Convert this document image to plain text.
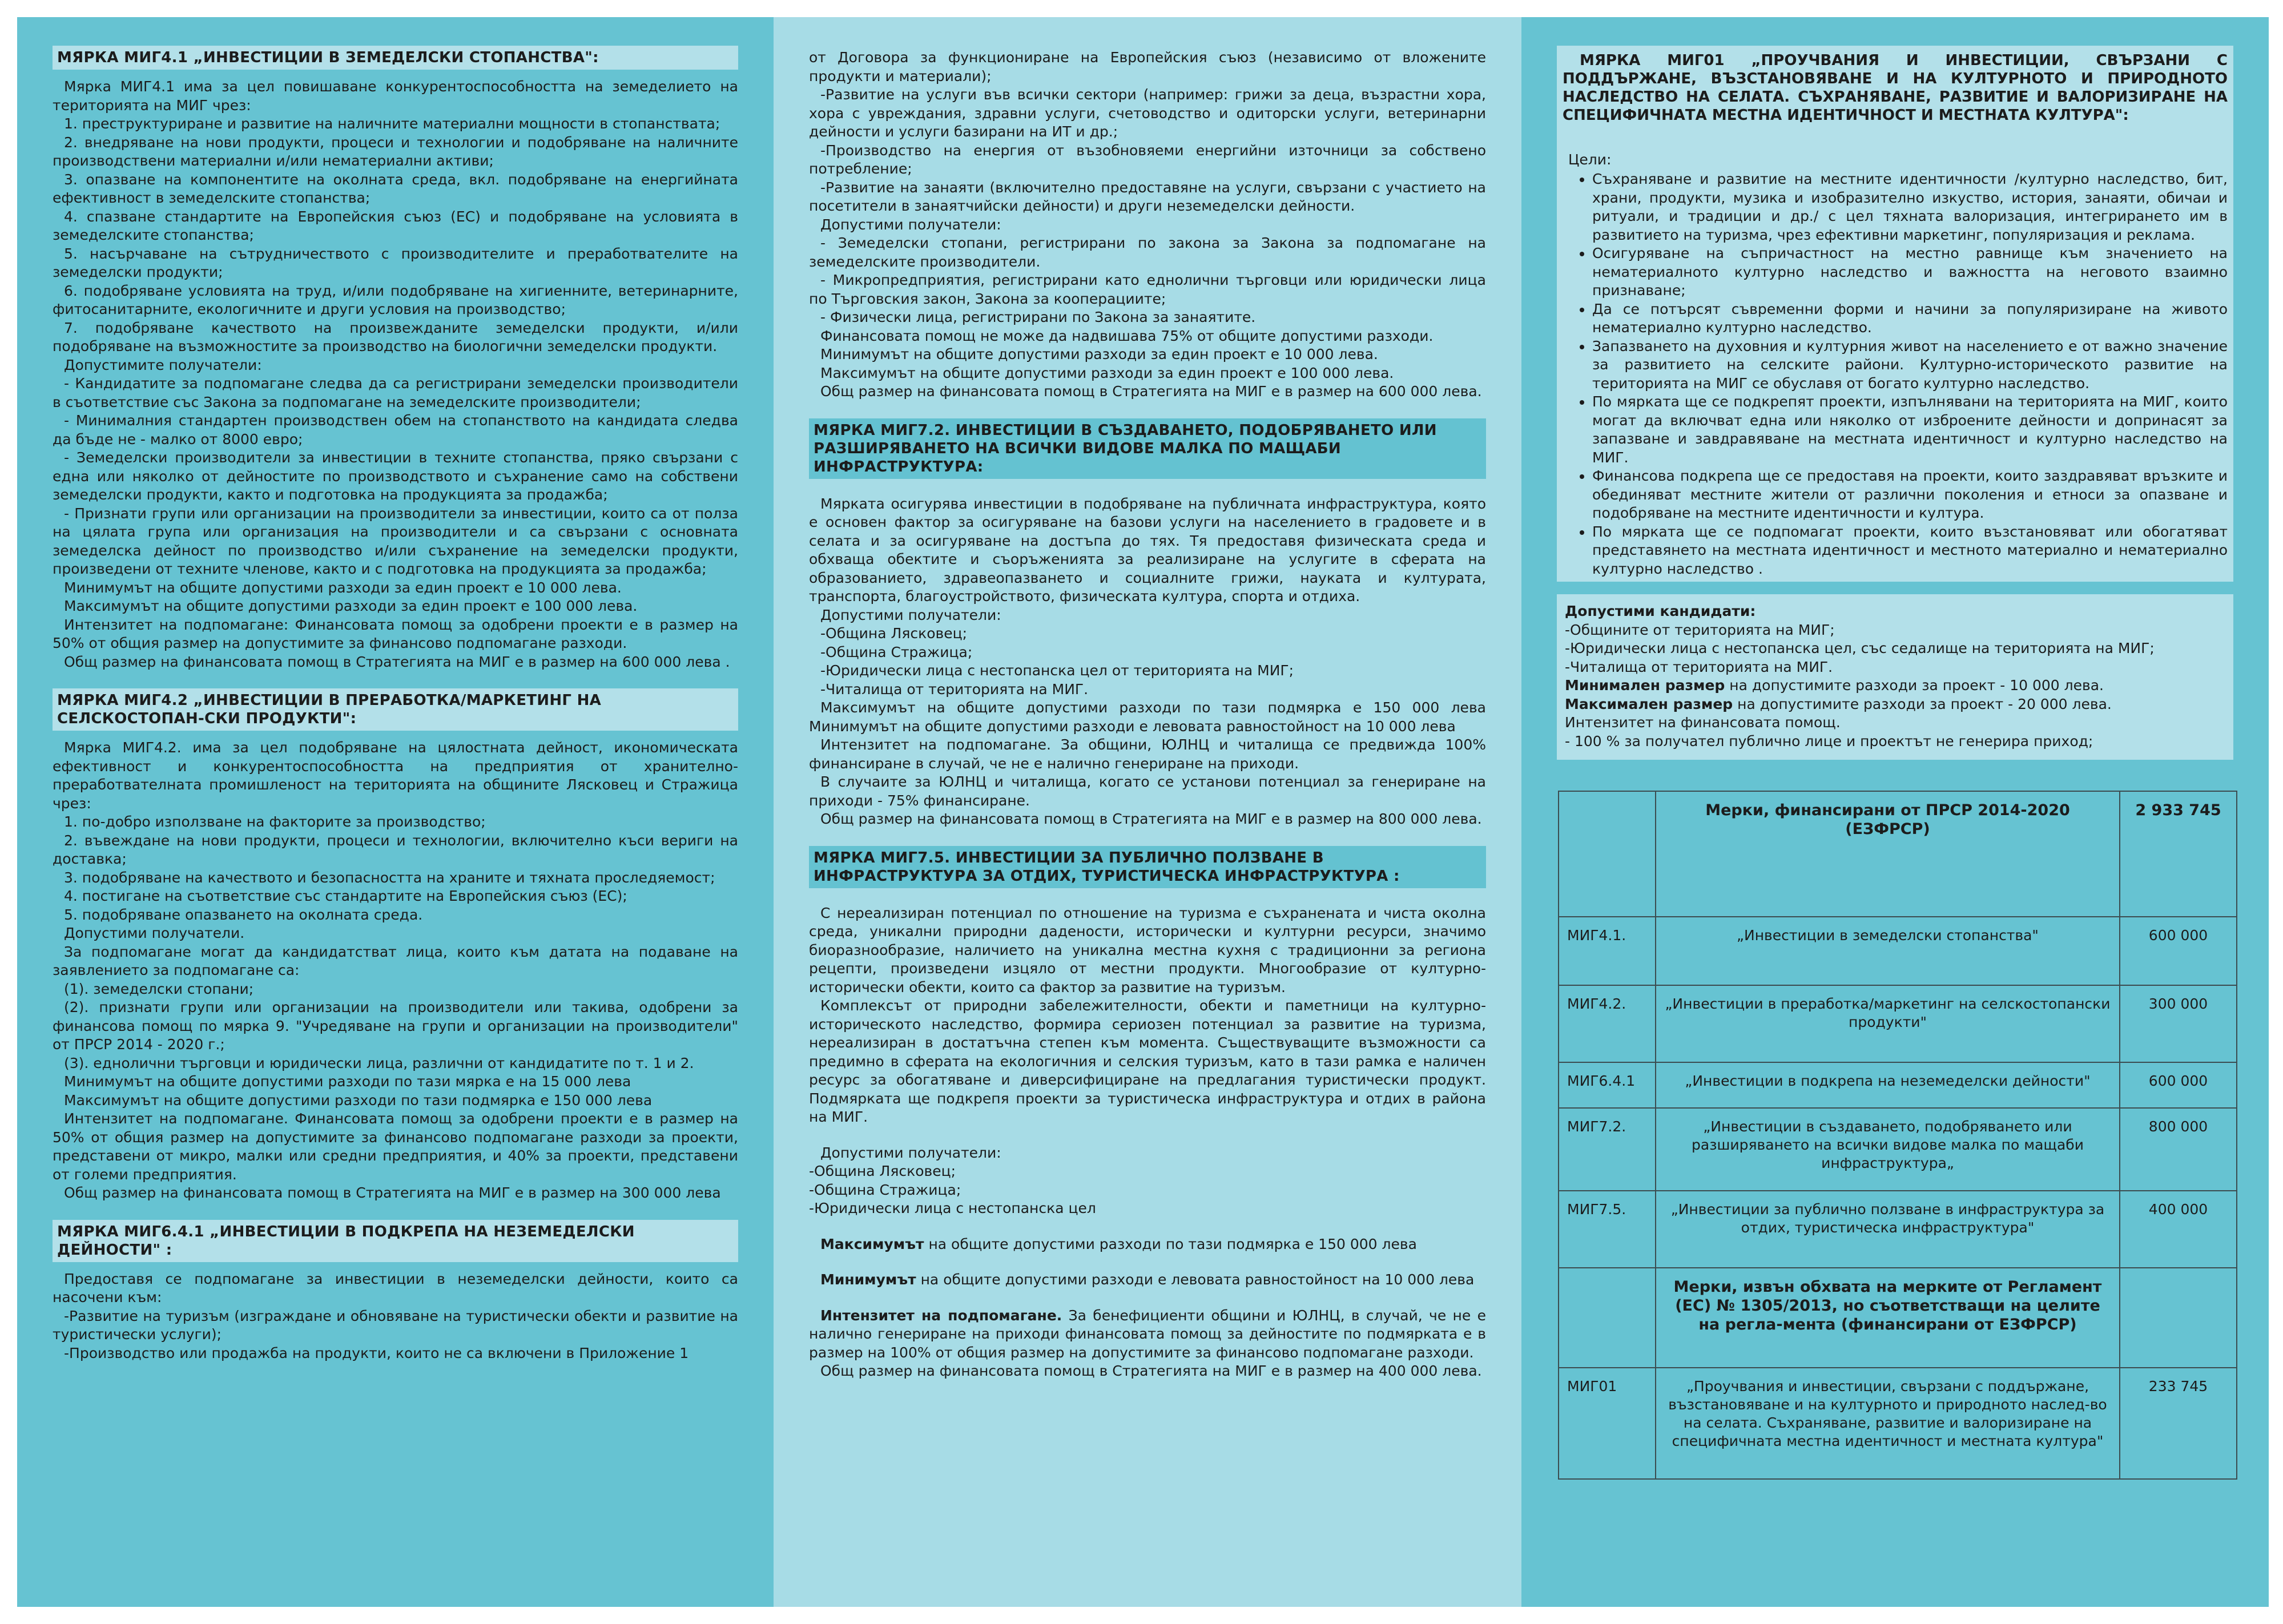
МЯРКА МИГ4.1 „ИНВЕСТИЦИИ В ЗЕМЕДЕЛСКИ СТОПАНСТВА":

Мярка МИГ4.1 има за цел повишаване конкурентоспособността на земеделието на територията на МИГ чрез:

1. преструктуриране и развитие на наличните материални мощности в стопанствата;

2. внедряване на нови продукти, процеси и технологии и подобряване на наличните производствени материални и/или нематериални активи;

3. опазване на компонентите на околната среда, вкл. подобряване на енергийната ефективност в земеделските стопанства;

4. спазване стандартите на Европейския съюз (ЕС) и подобряване на условията в земеделските стопанства;

5. насърчаване на сътрудничеството с производителите и преработвателите на земеделски продукти;

6. подобряване условията на труд, и/или подобряване на хигиенните, ветеринарните, фитосанитарните, екологичните и други условия на производство;

7. подобряване качеството на произвежданите земеделски продукти, и/или подобряване на възможностите за производство на биологични земеделски продукти.

Допустимите получатели:

- Кандидатите за подпомагане следва да са регистрирани земеделски производители в съответствие със Закона за подпомагане на земеделските производители;

- Минималния стандартен производствен обем на стопанството на кандидата следва да бъде не - малко от 8000 евро;

- Земеделски производители за инвестиции в техните стопанства, пряко свързани с една или няколко от дейностите по производството и съхранение само на собствени земеделски продукти, както и подготовка на продукцията за продажба;

- Признати групи или организации на производители за инвестиции, които са от полза на цялата група или организация на производители и са свързани с основната земеделска дейност по производство и/или съхранение на земеделски продукти, произведени от техните членове, както и с подготовка на продукцията за продажба;

Минимумът на общите допустими разходи за един проект е 10 000 лева.

Максимумът на общите допустими разходи за един проект е 100 000 лева.

Интензитет на подпомагане: Финансовата помощ за одобрени проекти е в размер на 50% от общия размер на допустимите за финансово подпомагане разходи.

Общ размер на финансовата помощ в Стратегията на МИГ е в размер на 600 000 лева .

МЯРКА МИГ4.2 „ИНВЕСТИЦИИ В ПРЕРАБОТКА/МАРКЕТИНГ НА СЕЛСКОСТОПАН-СКИ ПРОДУКТИ":

Мярка МИГ4.2. има за цел подобряване на цялостната дейност, икономическата ефективност и конкурентоспособността на предприятия от хранително-преработвателната промишленост на територията на общините Лясковец и Стражица чрез:

1. по-добро използване на факторите за производство;

2. въвеждане на нови продукти, процеси и технологии, включително къси вериги на доставка;

3. подобряване на качеството и безопасността на храните и тяхната проследяемост;

4. постигане на съответствие със стандартите на Европейския съюз (ЕС);

5. подобряване опазването на околната среда.

Допустими получатели.

За подпомагане могат да кандидатстват лица, които към датата на подаване на заявлението за подпомагане са:

(1). земеделски стопани;

(2). признати групи или организации на производители или такива, одобрени за финансова помощ по мярка 9. "Учредяване на групи и организации на производители" от ПРСР 2014 - 2020 г.;

(3). еднолични търговци и юридически лица, различни от кандидатите по т. 1 и 2.

Минимумът на общите допустими разходи по тази мярка е на 15 000 лева

Максимумът на общите допустими разходи по тази подмярка е 150 000 лева

Интензитет на подпомагане. Финансовата помощ за одобрени проекти е в размер на 50% от общия размер на допустимите за финансово подпомагане разходи за проекти, представени от микро, малки или средни предприятия, и 40% за проекти, представени от големи предприятия.

Общ размер на финансовата помощ в Стратегията на МИГ е в размер на 300 000 лева

МЯРКА МИГ6.4.1 „ИНВЕСТИЦИИ В ПОДКРЕПА НА НЕЗЕМЕДЕЛСКИ ДЕЙНОСТИ" :

Предоставя се подпомагане за инвестиции в неземеделски дейности, които са насочени към:

-Развитие на туризъм (изграждане и обновяване на туристически обекти и развитие на туристически услуги);

-Производство или продажба на продукти, които не са включени в Приложение 1

от Договора за функциониране на Европейския съюз (независимо от вложените продукти и материали);

-Развитие на услуги във всички сектори (например: грижи за деца, възрастни хора, хора с увреждания, здравни услуги, счетоводство и одиторски услуги, ветеринарни дейности и услуги базирани на ИТ и др.;

-Производство на енергия от възобновяеми енергийни източници за собствено потребление;

-Развитие на занаяти (включително предоставяне на услуги, свързани с участието на посетители в занаятчийски дейности) и други неземеделски дейности.

Допустими получатели:

- Земеделски стопани, регистрирани по закона за Закона за подпомагане на земеделските производители.

- Микропредприятия, регистрирани като еднолични търговци или юридически лица по Търговския закон, Закона за кооперациите;

- Физически лица, регистрирани по Закона за занаятите.

Финансовата помощ не може да надвишава 75% от общите допустими разходи.

Минимумът на общите допустими разходи за един проект е 10 000 лева.

Максимумът на общите допустими разходи за един проект е 100 000 лева.

Общ размер на финансовата помощ в Стратегията на МИГ е в размер на 600 000 лева.

МЯРКА МИГ7.2. ИНВЕСТИЦИИ В СЪЗДАВАНЕТО, ПОДОБРЯВАНЕТО ИЛИ РАЗШИРЯВАНЕТО НА ВСИЧКИ ВИДОВЕ МАЛКА ПО МАЩАБИ ИНФРАСТРУКТУРА:

Мярката осигурява инвестиции в подобряване на публичната инфраструктура, която е основен фактор за осигуряване на базови услуги на населението в градовете и в селата и за осигуряване на достъпа до тях. Тя предоставя физическата среда и обхваща обектите и съоръженията за реализиране на услугите в сферата на образованието, здравеопазването и социалните грижи, науката и културата, транспорта, благоустройството, физическата култура, спорта и отдиха.

Допустими получатели:

-Община Лясковец;

-Община Стражица;

-Юридически лица с нестопанска цел от територията на МИГ;

-Читалища от територията на МИГ.

Максимумът на общите допустими разходи по тази подмярка е 150 000 лева Минимумът на общите допустими разходи е левовата равностойност на 10 000 лева

Интензитет на подпомагане. За общини, ЮЛНЦ и читалища се предвижда 100% финансиране в случай, че не е налично генериране на приходи.

В случаите за ЮЛНЦ и читалища, когато се установи потенциал за генериране на приходи - 75% финансиране.

Общ размер на финансовата помощ в Стратегията на МИГ е в размер на 800 000 лева.

МЯРКА МИГ7.5. ИНВЕСТИЦИИ ЗА ПУБЛИЧНО ПОЛЗВАНЕ В ИНФРАСТРУКТУРА ЗА ОТДИХ, ТУРИСТИЧЕСКА ИНФРАСТРУКТУРА :

С нереализиран потенциал по отношение на туризма е съхранената и чиста околна среда, уникални природни дадености, исторически и културни ресурси, значимо биоразнообразие, наличието на уникална местна кухня с традиционни за региона рецепти, произведени изцяло от местни продукти. Многообразие от културно-исторически обекти, които са фактор за развитие на туризъм.

Комплексът от природни забележителности, обекти и паметници на културно-историческото наследство, формира сериозен потенциал за развитие на туризма, нереализиран в достатъчна степен към момента. Съществуващите възможности са предимно в сферата на екологичния и селския туризъм, като в тази рамка е наличен ресурс за обогатяване и диверсифициране на предлагания туристически продукт. Подмярката ще подкрепя проекти за туристическа инфраструктура и отдих в района на МИГ.

Допустими получатели:

-Община Лясковец;

-Община Стражица;

-Юридически лица с нестопанска цел

Максимумът на общите допустими разходи по тази подмярка е 150 000 лева

Минимумът на общите допустими разходи е левовата равностойност на 10 000 лева

Интензитет на подпомагане. За бенефициенти общини и ЮЛНЦ, в случай, че не е налично генериране на приходи финансовата помощ за дейностите по подмярката е в размер на 100% от общия размер на допустимите за финансово подпомагане разходи.

Общ размер на финансовата помощ в Стратегията на МИГ е в размер на 400 000 лева.

МЯРКА МИГ01 „ПРОУЧВАНИЯ И ИНВЕСТИЦИИ, СВЪРЗАНИ С ПОДДЪРЖАНЕ, ВЪЗСТАНОВЯВАНЕ И НА КУЛТУРНОТО И ПРИРОДНОТО НАСЛЕДСТВО НА СЕЛАТА. СЪХРАНЯВАНЕ, РАЗВИТИЕ И ВАЛОРИЗИРАНЕ НА СПЕЦИФИЧНАТА МЕСТНА ИДЕНТИЧНОСТ И МЕСТНАТА КУЛТУРА":

Цели:

• Съхраняване и развитие на местните идентичности /културно наследство, бит, храни, продукти, музика и изобразително изкуство, история, занаяти, обичаи и ритуали, и традиции и др./ с цел тяхната валоризация, интегрирането им в развитието на туризма, чрез ефективни маркетинг, популяризация и реклама.
• Осигуряване на съпричастност на местно равнище към значението на нематериалното културно наследство и важността на неговото взаимно признаване;
• Да се потърсят съвременни форми и начини за популяризиране на живото нематериално културно наследство.
• Запазването на духовния и културния живот на населението е от важно значение за развитието на селските райони. Културно-историческото развитие на територията на МИГ се обуславя от богато културно наследство.
• По мярката ще се подкрепят проекти, изпълнявани на територията на МИГ, които могат да включват една или няколко от изброените дейности и допринасят за запазване и завдравяване на местната идентичност и културно наследство на МИГ.
• Финансова подкрепа ще се предоставя на проекти, които заздравяват връзките и обединяват местните жители от различни поколения и етноси за опазване и подобряване на местните идентичности и култура.
• По мярката ще се подпомагат проекти, които възстановяват или обогатяват представянето на местната идентичност и местното материално и нематериално културно наследство .
Допустими кандидати:
-Общините от територията на МИГ;
-Юридически лица с нестопанска цел, със седалище на територията на МИГ;
-Читалища от територията на МИГ.
Минимален размер на допустимите разходи за проект - 10 000 лева.
Максимален размер на допустимите разходи за проект - 20 000 лева.
Интензитет на финансовата помощ.
- 100 % за получател публично лице и проектът не генерира приход;
	Мерки, финансирани от ПРСР 2014-2020 (ЕЗФРСР)	2 933 745
МИГ4.1.	„Инвестиции в земеделски стопанства"	600 000
МИГ4.2.	„Инвестиции в преработка/маркетинг на селскостопански продукти"	300 000
МИГ6.4.1	„Инвестиции в подкрепа на неземеделски дейности"	600 000
МИГ7.2.	„Инвестиции в създаването, подобряването или разширяването на всички видове малка по мащаби инфраструктура„	800 000
МИГ7.5.	„Инвестиции за публично ползване в инфраструктура за отдих, туристическа инфраструктура"	400 000
	Мерки, извън обхвата на мерките от Регламент (ЕС) № 1305/2013, но съответстващи на целите на регла-мента (финансирани от ЕЗФРСР)	
МИГ01	„Проучвания и инвестиции, свързани с поддържане, възстановяване и на културното и природното наслед-во на селата. Съхраняване, развитие и валоризиране на специфичната местна идентичност и местната култура"	233 745
